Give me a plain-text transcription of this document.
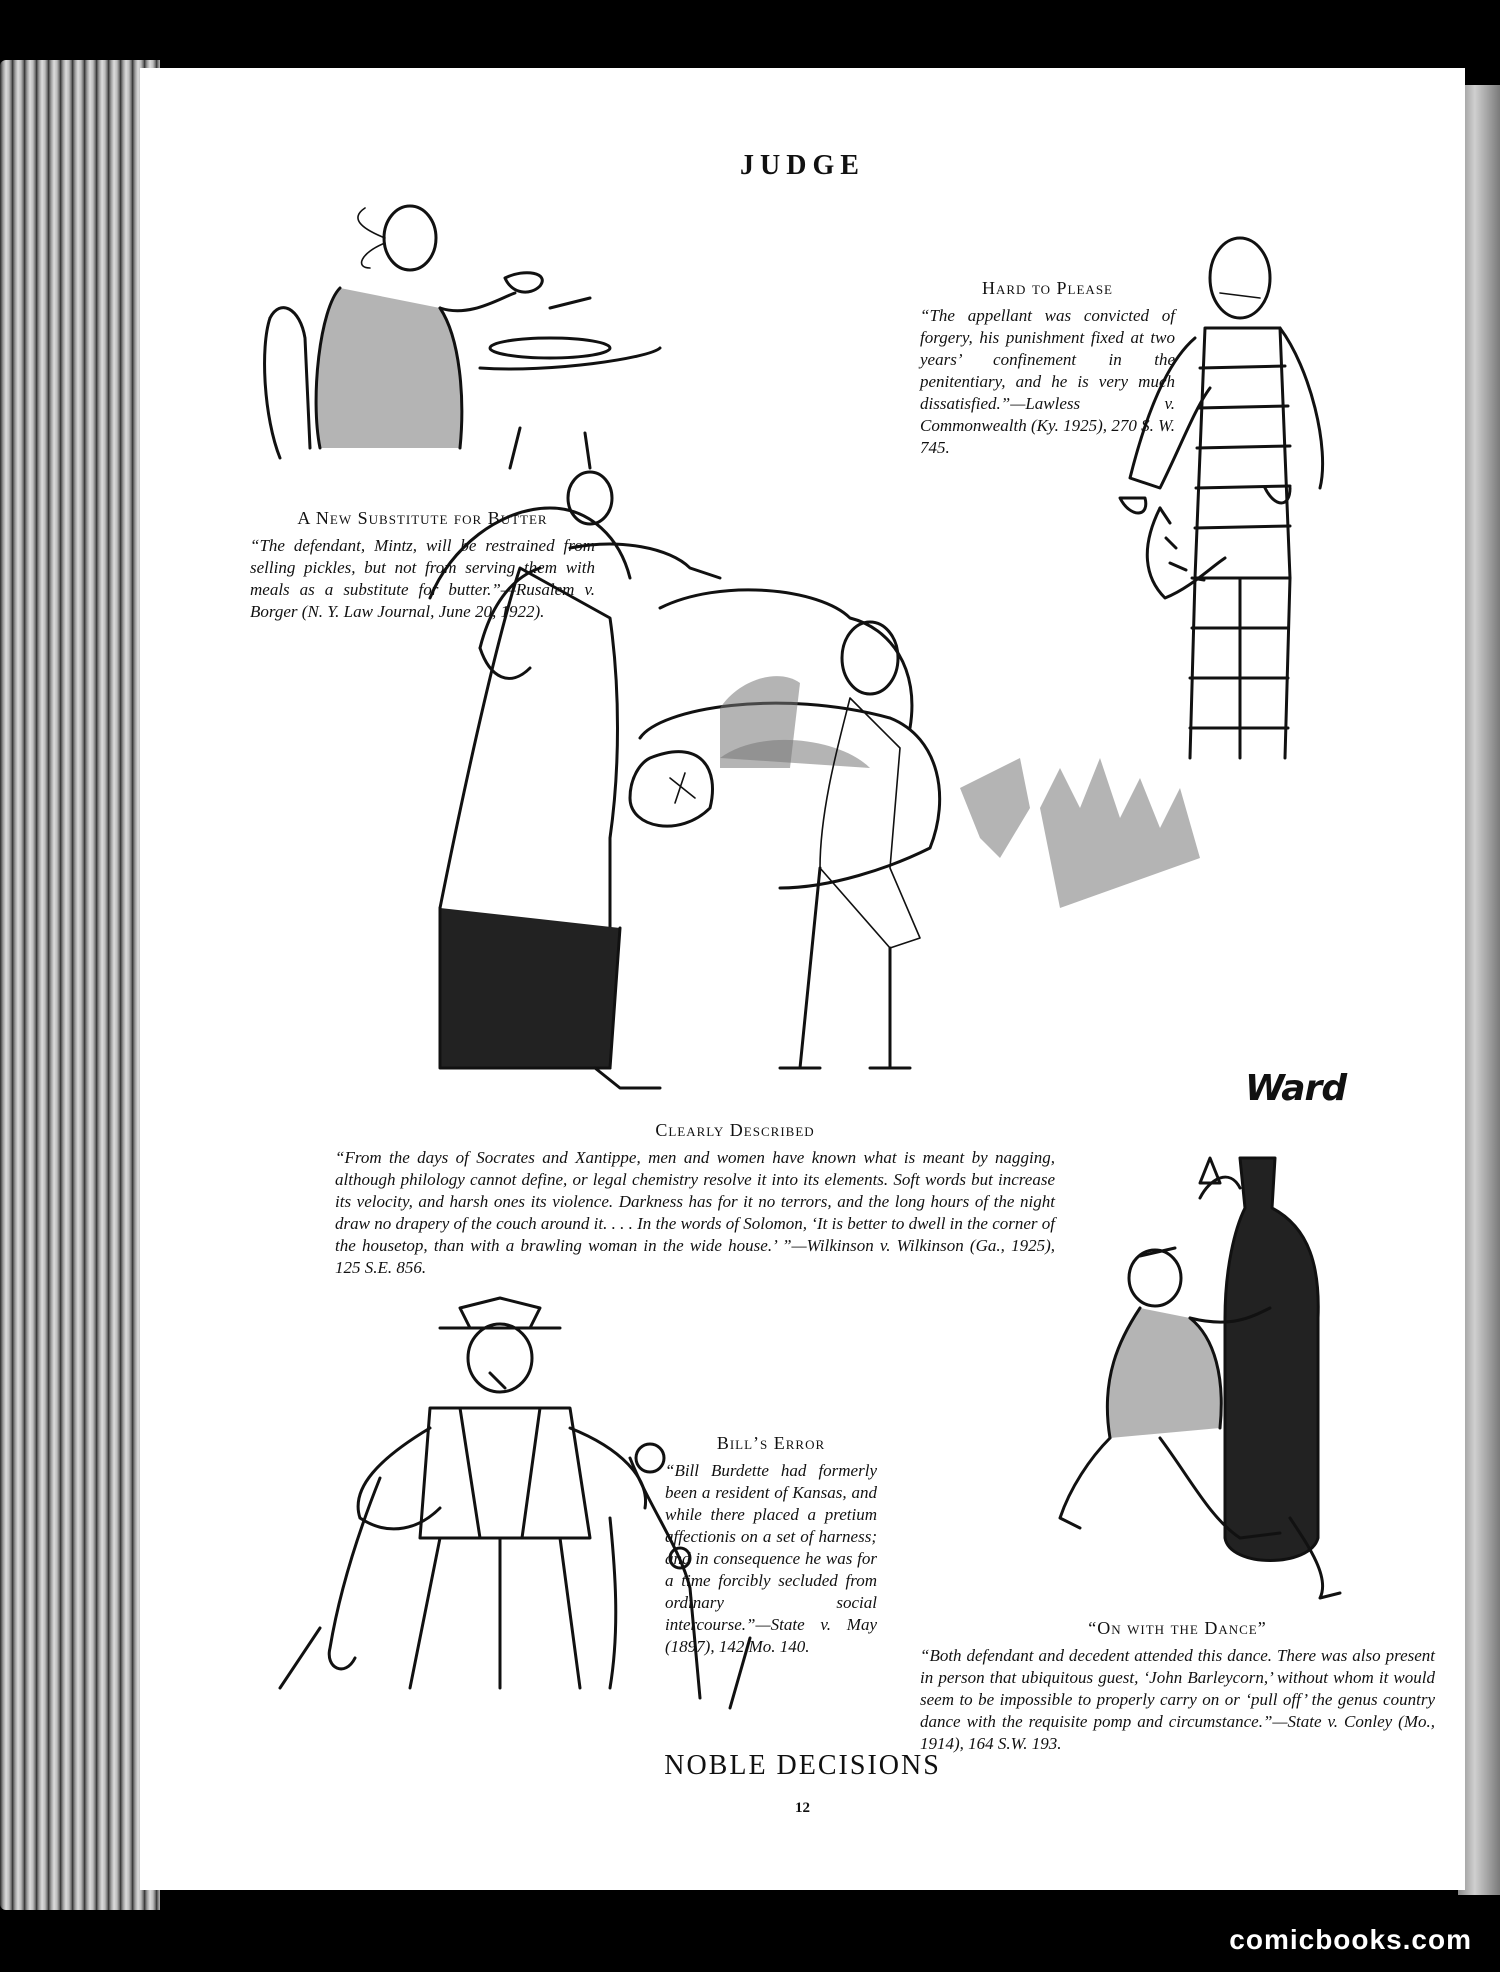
JUDGE
Ward
A New Substitute for Butter
“The defendant, Mintz, will be restrained from selling pickles, but not from serving them with meals as a substitute for butter.”—Rusalem v. Borger (N. Y. Law Journal, June 20, 1922).
Hard to Please
“The appellant was convicted of forgery, his punishment fixed at two years’ confinement in the penitentiary, and he is very much dissatisfied.”—Lawless v. Commonwealth (Ky. 1925), 270 S. W. 745.
Clearly Described
“From the days of Socrates and Xantippe, men and women have known what is meant by nagging, although philology cannot define, or legal chemistry resolve it into its elements. Soft words but increase its velocity, and harsh ones its violence. Darkness has for it no terrors, and the long hours of the night draw no drapery of the couch around it. . . . In the words of Solomon, ‘It is better to dwell in the corner of the housetop, than with a brawling woman in the wide house.’ ”—Wilkinson v. Wilkinson (Ga., 1925), 125 S.E. 856.
Bill’s Error
“Bill Burdette had formerly been a resident of Kansas, and while there placed a pretium affectionis on a set of harness; and in consequence he was for a time forcibly secluded from ordinary social intercourse.”—State v. May (1897), 142 Mo. 140.
“On with the Dance”
“Both defendant and decedent attended this dance. There was also present in person that ubiquitous guest, ‘John Barleycorn,’ without whom it would seem to be impossible to properly carry on or ‘pull off’ the genus country dance with the requisite pomp and circumstance.”—State v. Conley (Mo., 1914), 164 S.W. 193.
NOBLE DECISIONS
12
comicbooks.com
